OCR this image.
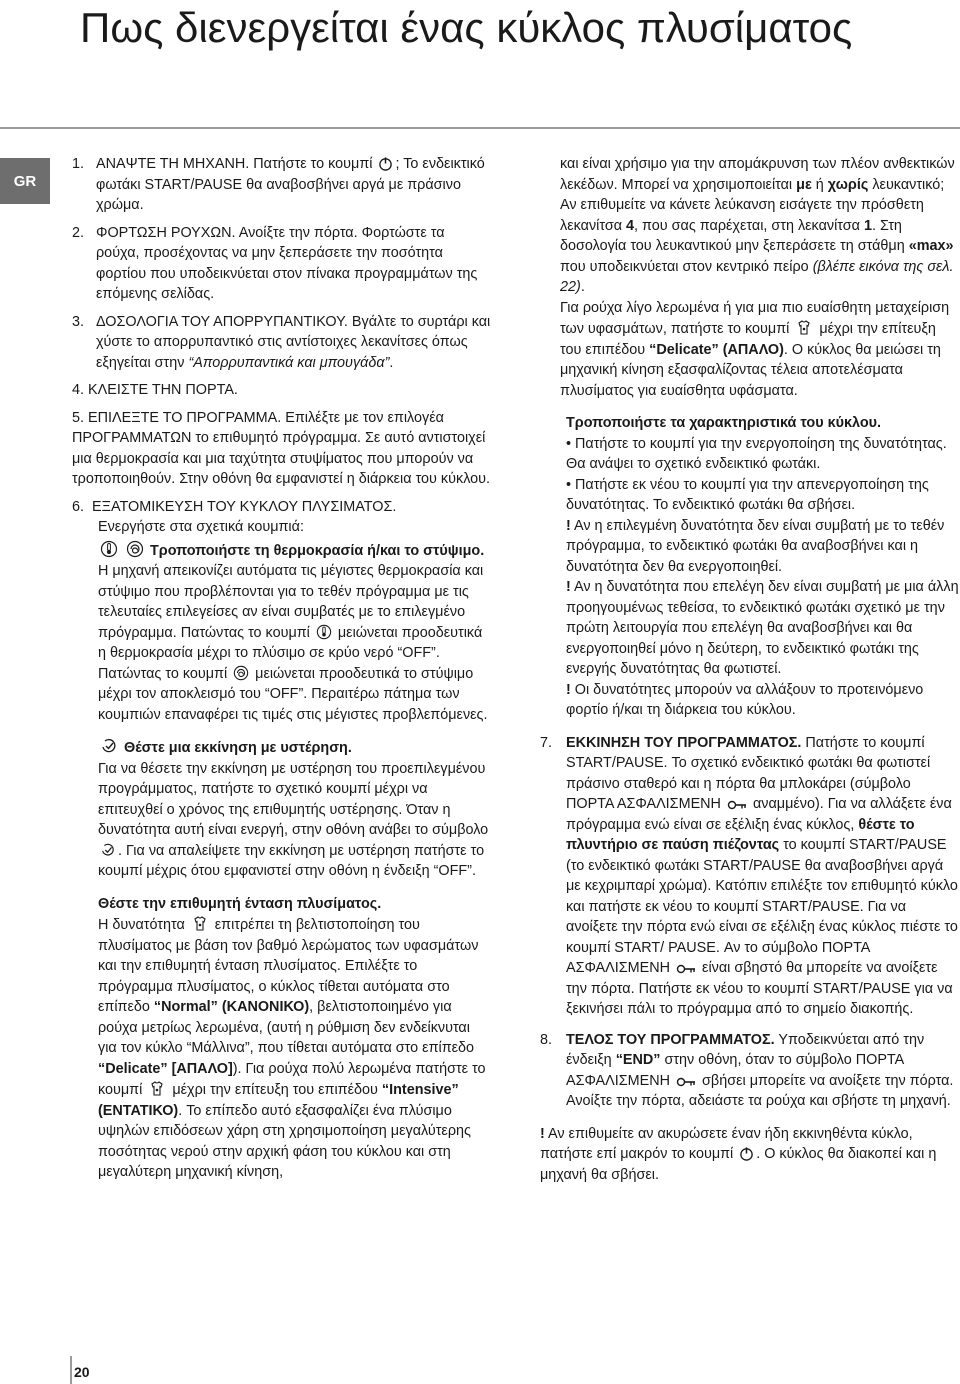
Πως διενεργείται ένας κύκλος πλυσίματος
GR
1. ΑΝΑΨΤΕ ΤΗ ΜΗΧΑΝΗ. Πατήστε το κουμπί ; Το ενδεικτικό φωτάκι START/PAUSE θα αναβοσβήνει αργά με πράσινο χρώμα.
2. ΦΟΡΤΩΣΗ ΡΟΥΧΩΝ. Ανοίξτε την πόρτα. Φορτώστε τα ρούχα, προσέχοντας να μην ξεπεράσετε την ποσότητα φορτίου που υποδεικνύεται στον πίνακα προγραμμάτων της επόμενης σελίδας.
3. ΔΟΣΟΛΟΓΙΑ ΤΟΥ ΑΠΟΡΡΥΠΑΝΤΙΚΟΥ. Βγάλτε το συρτάρι και χύστε το απορρυπαντικό στις αντίστοιχες λεκανίτσες όπως εξηγείται στην “Απορρυπαντικά και μπουγάδα”.
4.
ΚΛΕΙΣΤΕ ΤΗΝ ΠΟΡΤΑ.
5. ΕΠΙΛΕΞΤΕ ΤΟ ΠΡΟΓΡΑΜΜΑ. Επιλέξτε με τον επιλογέα ΠΡΟΓΡΑΜΜΑΤΩΝ το επιθυμητό πρόγραμμα. Σε αυτό αντιστοιχεί μια θερμοκρασία και μια ταχύτητα στυψίματος που μπορούν να τροποποιηθούν. Στην οθόνη θα εμφανιστεί η διάρκεια του κύκλου.
6. ΕΞΑΤΟΜΙΚΕΥΣΗ ΤΟΥ ΚΥΚΛΟΥ ΠΛΥΣΙΜΑΤΟΣ.
Ενεργήστε στα σχετικά κουμπιά:
Τροποποιήστε τη θερμοκρασία ή/και το στύψιμο. Η μηχανή απεικονίζει αυτόματα τις μέγιστες θερμοκρασία και στύψιμο που προβλέπονται για το τεθέν πρόγραμμα με τις τελευταίες επιλεγείσες αν είναι συμβατές με το επιλεγμένο πρόγραμμα. Πατώντας το κουμπί μειώνεται προοδευτικά η θερμοκρασία μέχρι το πλύσιμο σε κρύο νερό “OFF”. Πατώντας το κουμπί μειώνεται προοδευτικά το στύψιμο μέχρι τον αποκλεισμό του “OFF”. Περαιτέρω πάτημα των κουμπιών επαναφέρει τις τιμές στις μέγιστες προβλεπόμενες.
Θέστε μια εκκίνηση με υστέρηση.
Για να θέσετε την εκκίνηση με υστέρηση του προεπιλεγμένου προγράμματος, πατήστε το σχετικό κουμπί μέχρι να επιτευχθεί ο χρόνος της επιθυμητής υστέρησης. Όταν η δυνατότητα αυτή είναι ενεργή, στην οθόνη ανάβει το σύμβολο . Για να απαλείψετε την εκκίνηση με υστέρηση πατήστε το κουμπί μέχρις ότου εμφανιστεί στην οθόνη η ένδειξη “OFF”.
Θέστε την επιθυμητή ένταση πλυσίματος.
Η δυνατότητα επιτρέπει τη βελτιστοποίηση του πλυσίματος με βάση τον βαθμό λερώματος των υφασμάτων και την επιθυμητή ένταση πλυσίματος. Επιλέξτε το πρόγραμμα πλυσίματος, ο κύκλος τίθεται αυτόματα στο επίπεδο “Normal” (ΚΑΝΟΝΙΚΟ), βελτιστοποιημένο για ρούχα μετρίως λερωμένα, (αυτή η ρύθμιση δεν ενδείκνυται για τον κύκλο “Μάλλινα”, που τίθεται αυτόματα στο επίπεδο “Delicate” [ΑΠΑΛΟ]). Για ρούχα πολύ λερωμένα πατήστε το κουμπί μέχρι την επίτευξη του επιπέδου “Intensive” (ΕΝΤΑΤΙΚΟ). Το επίπεδο αυτό εξασφαλίζει ένα πλύσιμο υψηλών επιδόσεων χάρη στη χρησιμοποίηση μεγαλύτερης ποσότητας νερού στην αρχική φάση του κύκλου και στη μεγαλύτερη μηχανική κίνηση,
και είναι χρήσιμο για την απομάκρυνση των πλέον ανθεκτικών λεκέδων. Μπορεί να χρησιμοποιείται με ή χωρίς λευκαντικό; Αν επιθυμείτε να κάνετε λεύκανση εισάγετε την πρόσθετη λεκανίτσα 4, που σας παρέχεται, στη λεκανίτσα 1. Στη δοσολογία του λευκαντικού μην ξεπεράσετε τη στάθμη «max» που υποδεικνύεται στον κεντρικό πείρο (βλέπε εικόνα της σελ. 22).
Για ρούχα λίγο λερωμένα ή για μια πιο ευαίσθητη μεταχείριση των υφασμάτων, πατήστε το κουμπί μέχρι την επίτευξη του επιπέδου “Delicate” (ΑΠΑΛΟ). Ο κύκλος θα μειώσει τη μηχανική κίνηση εξασφαλίζοντας τέλεια αποτελέσματα πλυσίματος για ευαίσθητα υφάσματα.
Τροποποιήστε τα χαρακτηριστικά του κύκλου.
• Πατήστε το κουμπί για την ενεργοποίηση της δυνατότητας. Θα ανάψει το σχετικό ενδεικτικό φωτάκι.
• Πατήστε εκ νέου το κουμπί για την απενεργοποίηση της δυνατότητας. Το ενδεικτικό φωτάκι θα σβήσει.
! Αν η επιλεγμένη δυνατότητα δεν είναι συμβατή με το τεθέν πρόγραμμα, το ενδεικτικό φωτάκι θα αναβοσβήνει και η δυνατότητα δεν θα ενεργοποιηθεί.
! Αν η δυνατότητα που επελέγη δεν είναι συμβατή με μια άλλη προηγουμένως τεθείσα, το ενδεικτικό φωτάκι σχετικό με την πρώτη λειτουργία που επελέγη θα αναβοσβήνει και θα ενεργοποιηθεί μόνο η δεύτερη, το ενδεικτικό φωτάκι της ενεργής δυνατότητας θα φωτιστεί.
! Οι δυνατότητες μπορούν να αλλάξουν το προτεινόμενο φορτίο ή/και τη διάρκεια του κύκλου.
7. ΕΚΚΙΝΗΣΗ ΤΟΥ ΠΡΟΓΡΑΜΜΑΤΟΣ. Πατήστε το κουμπί START/PAUSE. Το σχετικό ενδεικτικό φωτάκι θα φωτιστεί πράσινο σταθερό και η πόρτα θα μπλοκάρει (σύμβολο ΠΟΡΤΑ ΑΣΦΑΛΙΣΜΕΝΗ αναμμένο). Για να αλλάξετε ένα πρόγραμμα ενώ είναι σε εξέλιξη ένας κύκλος, θέστε το πλυντήριο σε παύση πιέζοντας το κουμπί START/PAUSE (το ενδεικτικό φωτάκι START/PAUSE θα αναβοσβήνει αργά με κεχριμπαρί χρώμα). Κατόπιν επιλέξτε τον επιθυμητό κύκλο και πατήστε εκ νέου το κουμπί START/PAUSE. Για να ανοίξετε την πόρτα ενώ είναι σε εξέλιξη ένας κύκλος πιέστε το κουμπί START/ PAUSE. Αν το σύμβολο ΠΟΡΤΑ ΑΣΦΑΛΙΣΜΕΝΗ είναι σβηστό θα μπορείτε να ανοίξετε την πόρτα. Πατήστε εκ νέου το κουμπί START/PAUSE για να ξεκινήσει πάλι το πρόγραμμα από το σημείο διακοπής.
8. ΤΕΛΟΣ ΤΟΥ ΠΡΟΓΡΑΜΜΑΤΟΣ. Υποδεικνύεται από την ένδειξη “END” στην οθόνη, όταν το σύμβολο ΠΟΡΤΑ ΑΣΦΑΛΙΣΜΕΝΗ σβήσει μπορείτε να ανοίξετε την πόρτα. Ανοίξτε την πόρτα, αδειάστε τα ρούχα και σβήστε τη μηχανή.
! Αν επιθυμείτε αν ακυρώσετε έναν ήδη εκκινηθέντα κύκλο, πατήστε επί μακρόν το κουμπί . Ο κύκλος θα διακοπεί και η μηχανή θα σβήσει.
20
